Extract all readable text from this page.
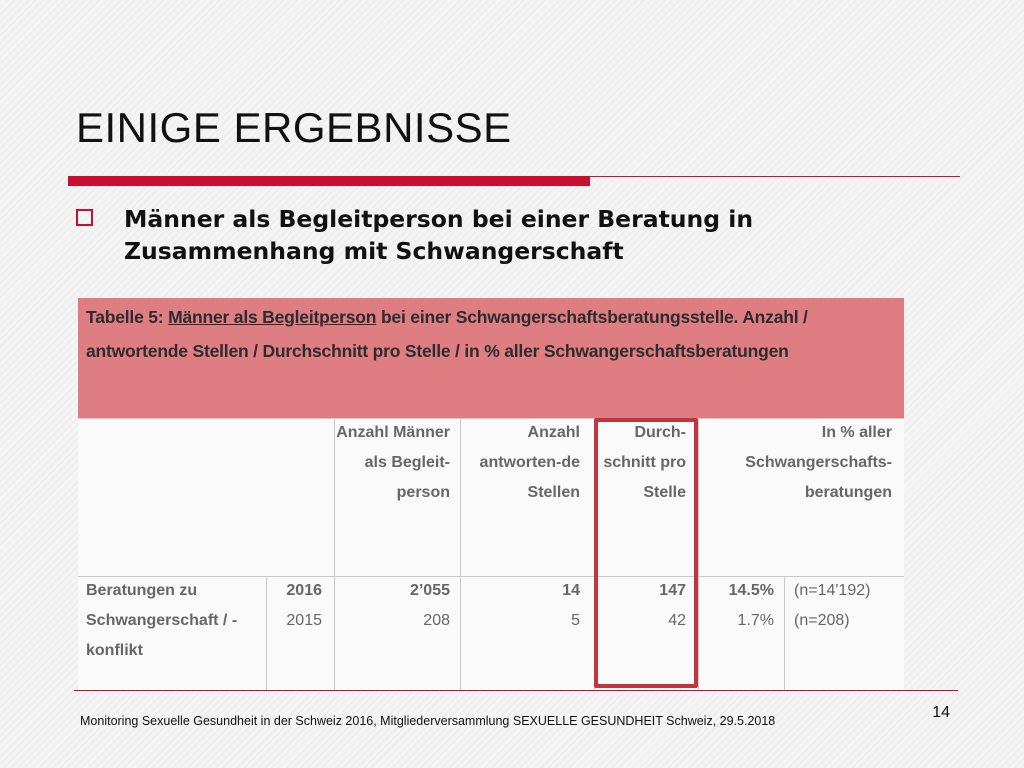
EINIGE ERGEBNISSE
Männer als Begleitperson bei einer Beratung in Zusammenhang mit Schwangerschaft
Tabelle 5: Männer als Begleitperson bei einer Schwangerschaftsberatungsstelle. Anzahl / antwortende Stellen / Durchschnitt pro Stelle / in % aller Schwangerschaftsberatungen
Anzahl Männer als Begleit-person
Anzahl antworten-de Stellen
Durch-schnitt pro Stelle
In % aller Schwangerschafts-beratungen
Beratungen zu Schwangerschaft / -konflikt
2016	2’055	14	147	14.5% (n=14'192)
2015	208	5	42	1.7% (n=208)
Monitoring Sexuelle Gesundheit in der Schweiz 2016, Mitgliederversammlung SEXUELLE GESUNDHEIT Schweiz, 29.5.2018	14
